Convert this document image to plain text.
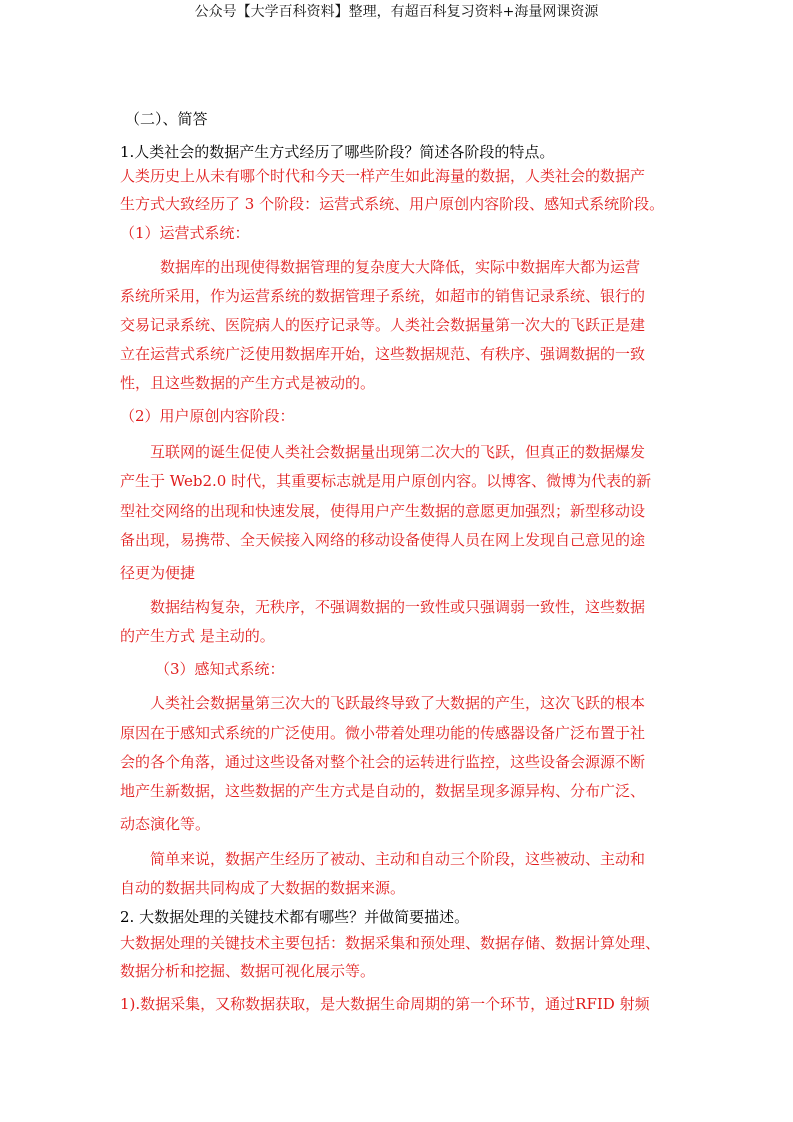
公众号【大学百科资料】整理，有超百科复习资料+海量网课资源
（二）、简答
1.人类社会的数据产生方式经历了哪些阶段？简述各阶段的特点。
人类历史上从未有哪个时代和今天一样产生如此海量的数据，人类社会的数据产
生方式大致经历了 3 个阶段：运营式系统、用户原创内容阶段、感知式系统阶段。
（1）运营式系统：
数据库的出现使得数据管理的复杂度大大降低，实际中数据库大都为运营
系统所采用，作为运营系统的数据管理子系统，如超市的销售记录系统、银行的
交易记录系统、医院病人的医疗记录等。人类社会数据量第一次大的飞跃正是建
立在运营式系统广泛使用数据库开始，这些数据规范、有秩序、强调数据的一致
性，且这些数据的产生方式是被动的。
（2）用户原创内容阶段：
互联网的诞生促使人类社会数据量出现第二次大的飞跃，但真正的数据爆发
产生于 Web2.0 时代，其重要标志就是用户原创内容。以博客、微博为代表的新
型社交网络的出现和快速发展，使得用户产生数据的意愿更加强烈；新型移动设
备出现，易携带、全天候接入网络的移动设备使得人员在网上发现自己意见的途
径更为便捷
数据结构复杂，无秩序，不强调数据的一致性或只强调弱一致性，这些数据
的产生方式 是主动的。
（3）感知式系统：
人类社会数据量第三次大的飞跃最终导致了大数据的产生，这次飞跃的根本
原因在于感知式系统的广泛使用。微小带着处理功能的传感器设备广泛布置于社
会的各个角落，通过这些设备对整个社会的运转进行监控，这些设备会源源不断
地产生新数据，这些数据的产生方式是自动的，数据呈现多源异构、分布广泛、
动态演化等。
简单来说，数据产生经历了被动、主动和自动三个阶段，这些被动、主动和
自动的数据共同构成了大数据的数据来源。
2. 大数据处理的关键技术都有哪些？并做简要描述。
大数据处理的关键技术主要包括：数据采集和预处理、数据存储、数据计算处理、
数据分析和挖掘、数据可视化展示等。
1).数据采集，又称数据获取，是大数据生命周期的第一个环节，通过RFID 射频
